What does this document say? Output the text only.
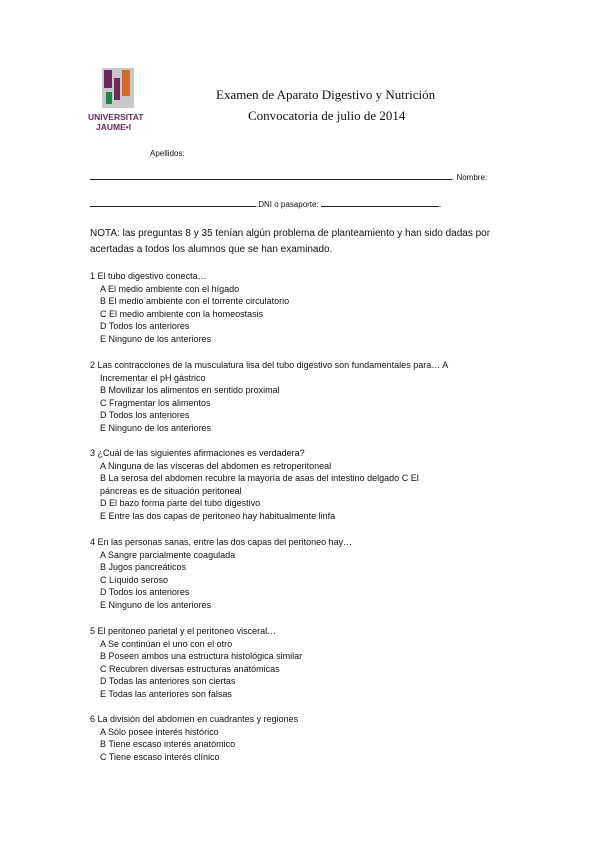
UNIVERSITAT
JAUME•I
Examen de Aparato Digestivo y Nutrición
Convocatoria de julio de 2014
Apellidos:
. Nombre:
.DNI o pasaporte:	.
NOTA: las preguntas 8 y 35 tenían algún problema de planteamiento y han sido dadas por acertadas a todos los alumnos que se han examinado.
1 El tubo digestivo conecta…
A El medio ambiente con el hígado
B El medio ambiente con el torrente circulatorio
C El medio ambiente con la homeostasis
D Todos los anteriores
E Ninguno de los anteriores
2 Las contracciones de la musculatura lisa del tubo digestivo son fundamentales para… A
Incrementar el pH gástrico
B Movilizar los alimentos en sentido proximal
C Fragmentar los alimentos
D Todos los anteriores
E Ninguno de los anteriores
3 ¿Cuál de las siguientes afirmaciones es verdadera?
A Ninguna de las vísceras del abdomen es retroperitoneal
B La serosa del abdomen recubre la mayoría de asas del intestino delgado C El
páncreas es de situación peritoneal
D El bazo forma parte del tubo digestivo
E Entre las dos capas de peritoneo hay habitualmente linfa
4 En las personas sanas, entre las dos capas del peritoneo hay…
A Sangre parcialmente coagulada
B Jugos pancreáticos
C Líquido seroso
D Todos los anteriores
E Ninguno de los anteriores
5 El peritoneo parietal y el peritoneo visceral…
A Se continúan el uno con el otro
B Poseen ambos una estructura histológica similar
C Recubren diversas estructuras anatómicas
D Todas las anteriores son ciertas
E Todas las anteriores son falsas
6 La división del abdomen en cuadrantes y regiones
A Sólo posee interés histórico
B Tiene escaso interés anatómico
C Tiene escaso interés clínico
